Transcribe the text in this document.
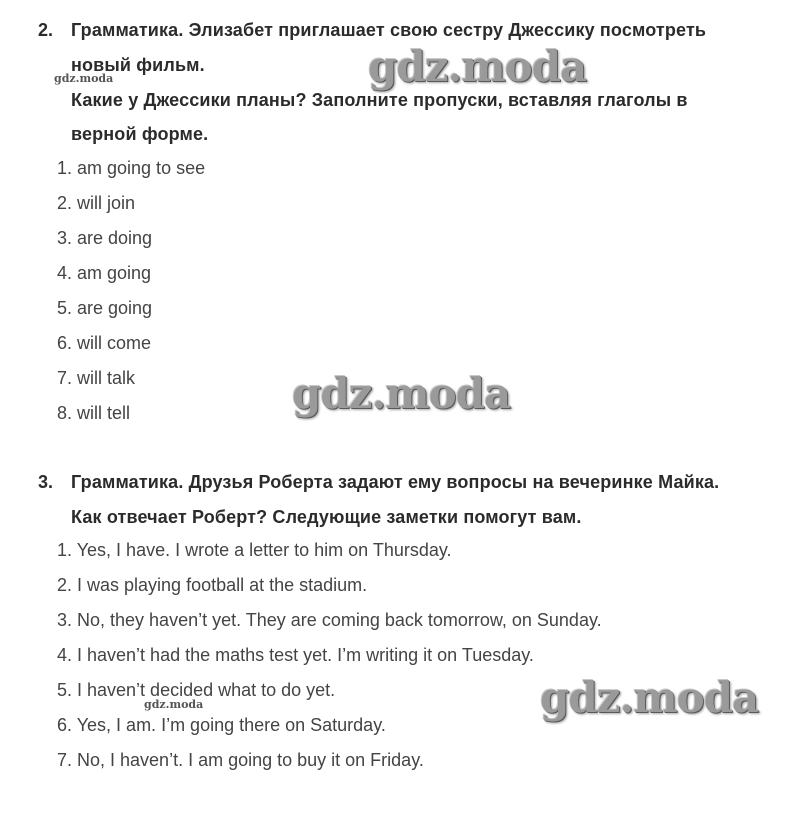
2. Грамматика. Элизабет приглашает свою сестру Джессику посмотреть
новый фильм.
Какие у Джессики планы? Заполните пропуски, вставляя глаголы в
верной форме.
1. am going to see
2. will join
3. are doing
4. am going
5. are going
6. will come
7. will talk
8. will tell
3. Грамматика. Друзья Роберта задают ему вопросы на вечеринке Майка.
Как отвечает Роберт? Следующие заметки помогут вам.
1. Yes, I have. I wrote a letter to him on Thursday.
2. I was playing football at the stadium.
3. No, they haven’t yet. They are coming back tomorrow, on Sunday.
4. I haven’t had the maths test yet. I’m writing it on Tuesday.
5. I haven’t decided what to do yet.
6. Yes, I am. I’m going there on Saturday.
7. No, I haven’t. I am going to buy it on Friday.
gdz.moda
gdz.moda
gdz.moda
gdz.moda
gdz.moda
